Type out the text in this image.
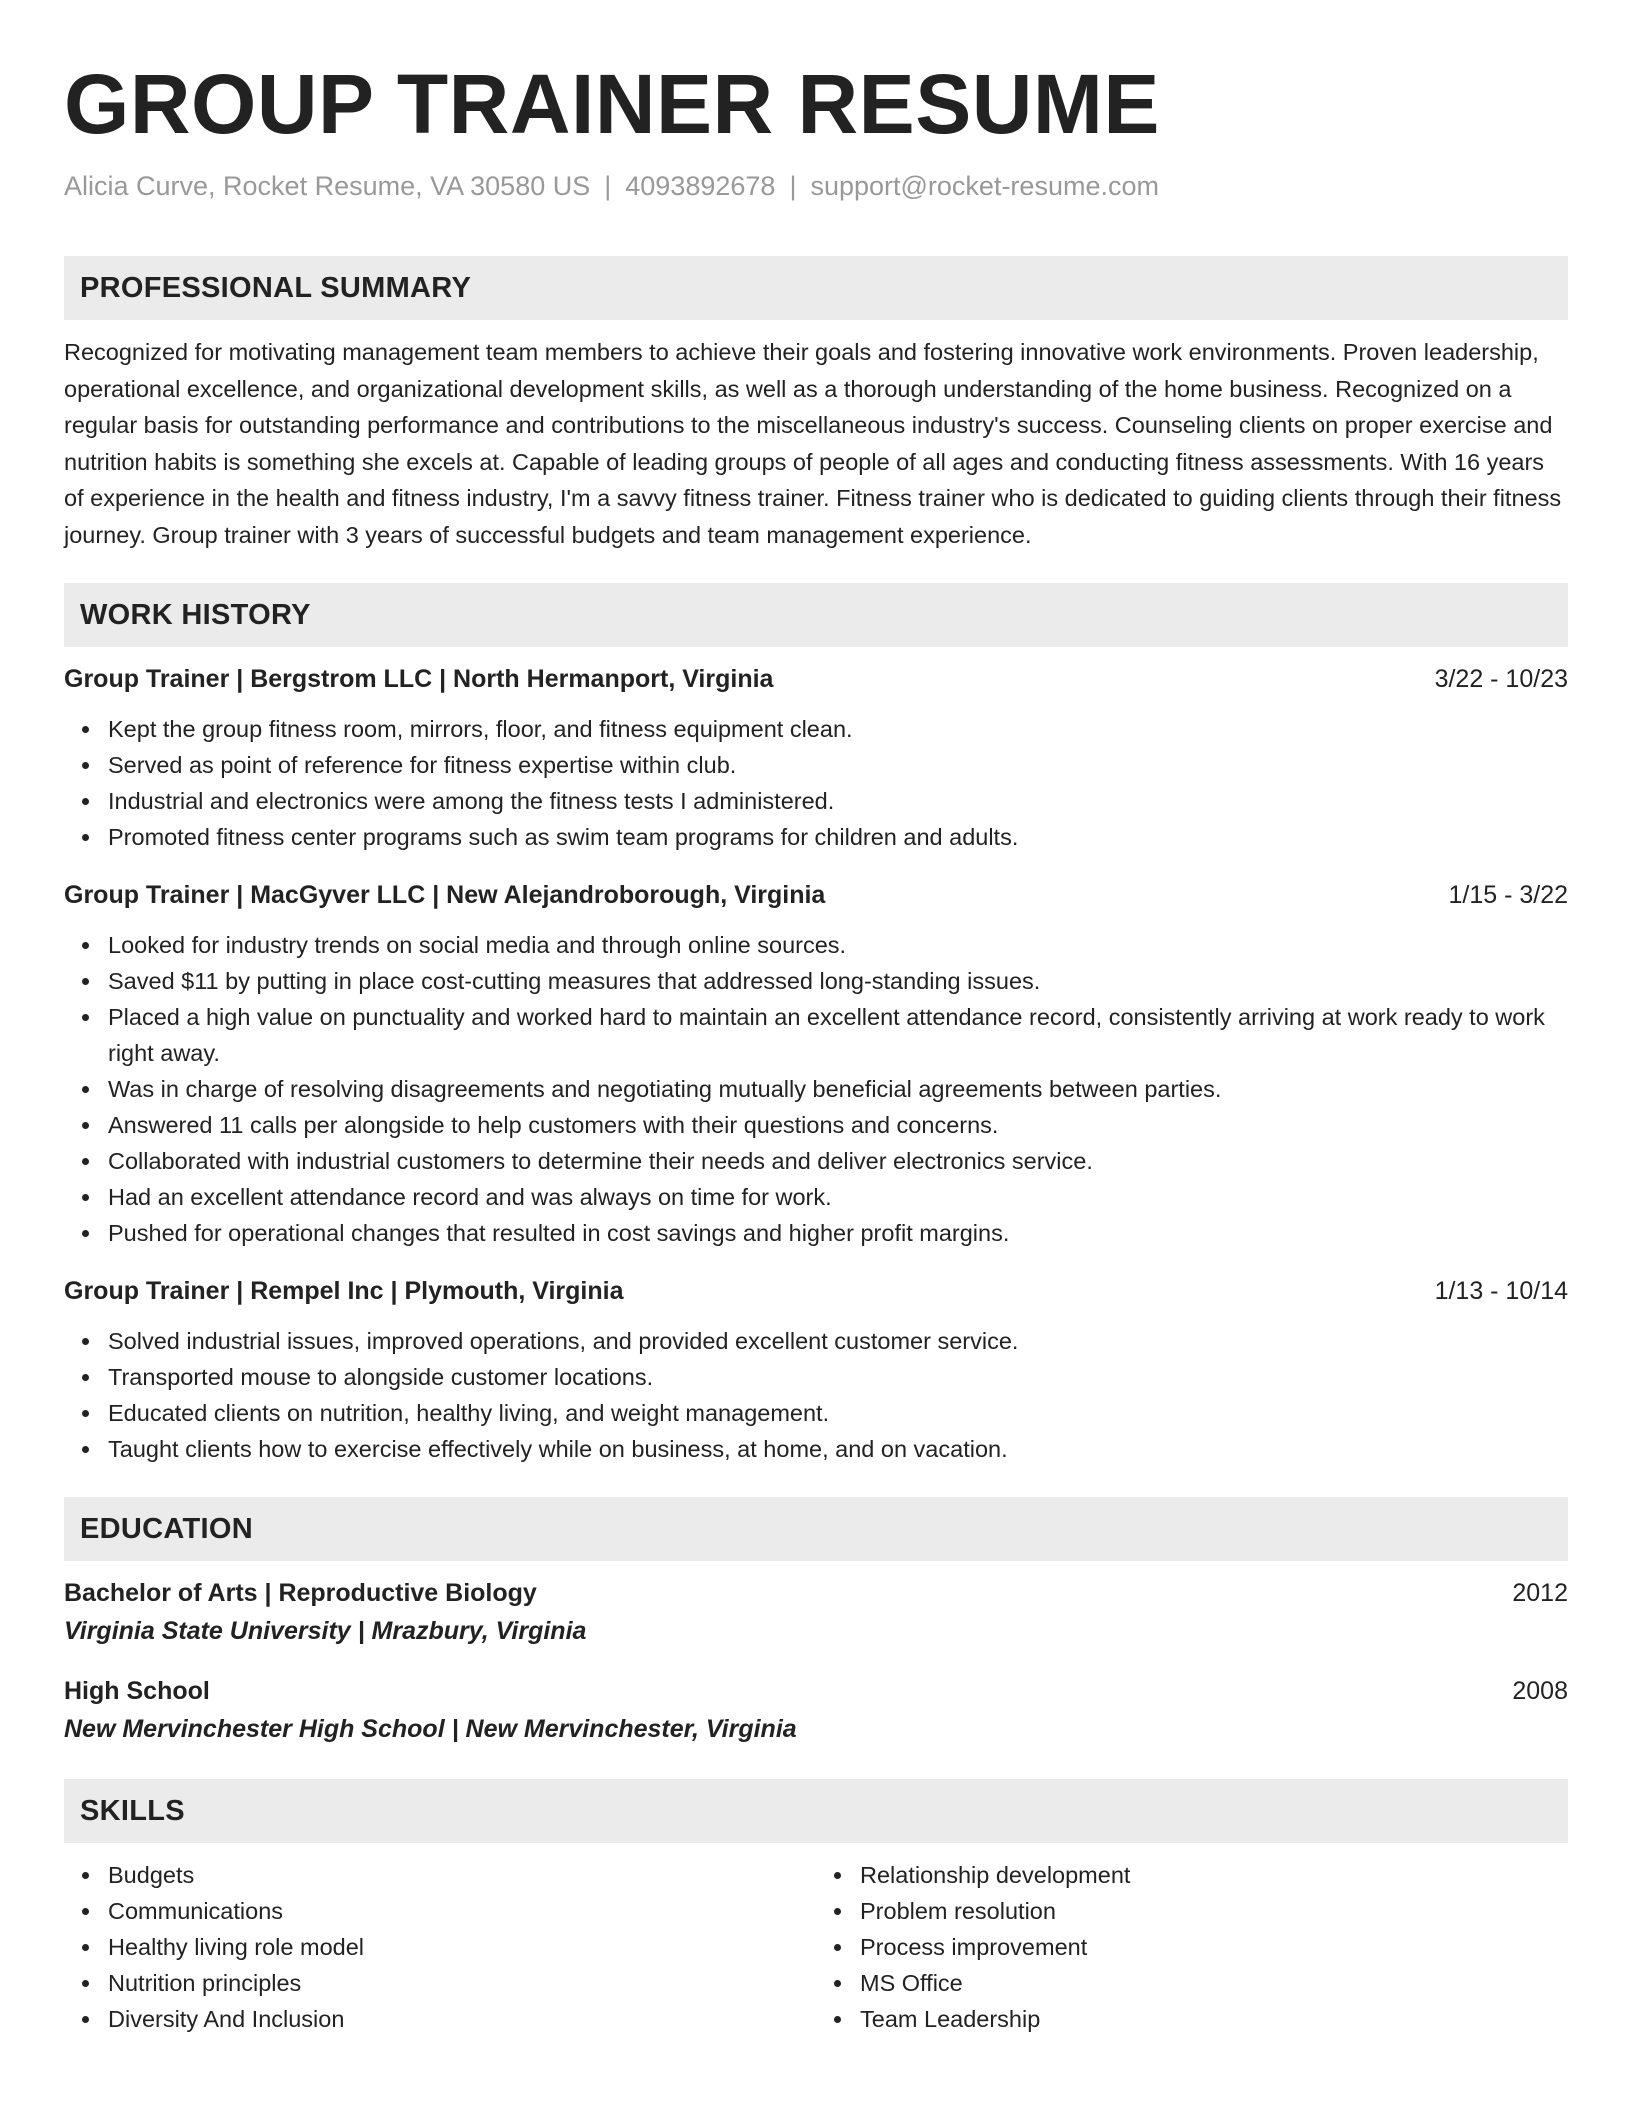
GROUP TRAINER RESUME
Alicia Curve, Rocket Resume, VA 30580 US | 4093892678 | support@rocket-resume.com
PROFESSIONAL SUMMARY

Recognized for motivating management team members to achieve their goals and fostering innovative work environments. Proven leadership, operational excellence, and organizational development skills, as well as a thorough understanding of the home business. Recognized on a regular basis for outstanding performance and contributions to the miscellaneous industry's success. Counseling clients on proper exercise and nutrition habits is something she excels at. Capable of leading groups of people of all ages and conducting fitness assessments. With 16 years of experience in the health and fitness industry, I'm a savvy fitness trainer. Fitness trainer who is dedicated to guiding clients through their fitness journey. Group trainer with 3 years of successful budgets and team management experience.

WORK HISTORY
Group Trainer | Bergstrom LLC | North Hermanport, Virginia	3/22 - 10/23
Kept the group fitness room, mirrors, floor, and fitness equipment clean.
Served as point of reference for fitness expertise within club.
Industrial and electronics were among the fitness tests I administered.
Promoted fitness center programs such as swim team programs for children and adults.
Group Trainer | MacGyver LLC | New Alejandroborough, Virginia	1/15 - 3/22
Looked for industry trends on social media and through online sources.
Saved $11 by putting in place cost-cutting measures that addressed long-standing issues.
Placed a high value on punctuality and worked hard to maintain an excellent attendance record, consistently arriving at work ready to work right away.
Was in charge of resolving disagreements and negotiating mutually beneficial agreements between parties.
Answered 11 calls per alongside to help customers with their questions and concerns.
Collaborated with industrial customers to determine their needs and deliver electronics service.
Had an excellent attendance record and was always on time for work.
Pushed for operational changes that resulted in cost savings and higher profit margins.
Group Trainer | Rempel Inc | Plymouth, Virginia	1/13 - 10/14
Solved industrial issues, improved operations, and provided excellent customer service.
Transported mouse to alongside customer locations.
Educated clients on nutrition, healthy living, and weight management.
Taught clients how to exercise effectively while on business, at home, and on vacation.
EDUCATION
Bachelor of Arts | Reproductive Biology	2012
Virginia State University | Mrazbury, Virginia
High School	2008
New Mervinchester High School | New Mervinchester, Virginia
SKILLS
Budgets
Communications
Healthy living role model
Nutrition principles
Diversity And Inclusion
Relationship development
Problem resolution
Process improvement
MS Office
Team Leadership
